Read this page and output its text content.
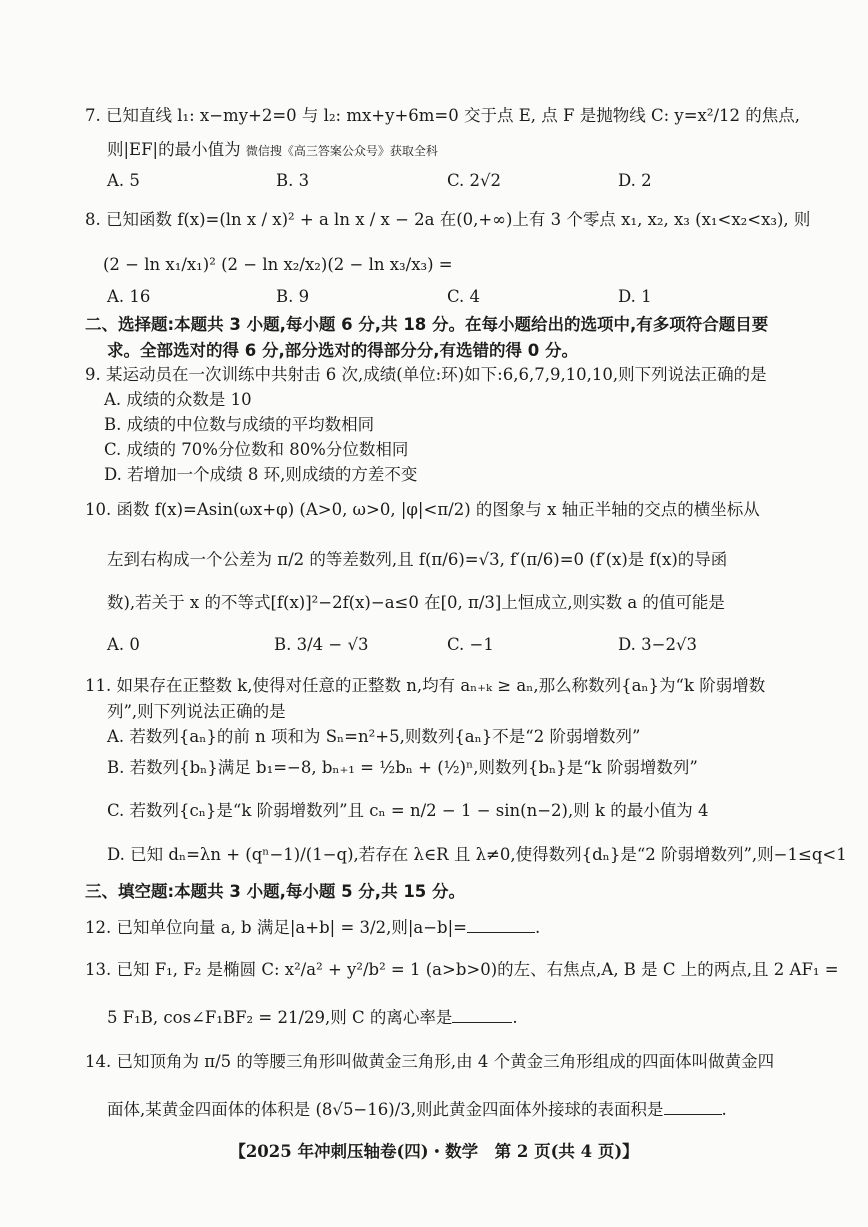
7. 已知直线 l₁: x−my+2=0 与 l₂: mx+y+6m=0 交于点 E, 点 F 是抛物线 C: y=x²/12 的焦点,
则|EF|的最小值为 微信搜《高三答案公众号》获取全科
A. 5	B. 3	C. 2√2	D. 2
8. 已知函数 f(x)=(ln x / x)² + a ln x / x − 2a 在(0,+∞)上有 3 个零点 x₁, x₂, x₃ (x₁<x₂<x₃), 则
(2 − ln x₁/x₁)² (2 − ln x₂/x₂)(2 − ln x₃/x₃) =
A. 16	B. 9	C. 4	D. 1
二、选择题:本题共 3 小题,每小题 6 分,共 18 分。在每小题给出的选项中,有多项符合题目要
求。全部选对的得 6 分,部分选对的得部分分,有选错的得 0 分。
9. 某运动员在一次训练中共射击 6 次,成绩(单位:环)如下:6,6,7,9,10,10,则下列说法正确的是
A. 成绩的众数是 10
B. 成绩的中位数与成绩的平均数相同
C. 成绩的 70%分位数和 80%分位数相同
D. 若增加一个成绩 8 环,则成绩的方差不变
10. 函数 f(x)=Asin(ωx+φ) (A>0, ω>0, |φ|<π/2) 的图象与 x 轴正半轴的交点的横坐标从
左到右构成一个公差为 π/2 的等差数列,且 f(π/6)=√3, f′(π/6)=0 (f′(x)是 f(x)的导函
数),若关于 x 的不等式[f(x)]²−2f(x)−a≤0 在[0, π/3]上恒成立,则实数 a 的值可能是
A. 0	B. 3/4 − √3	C. −1	D. 3−2√3
11. 如果存在正整数 k,使得对任意的正整数 n,均有 aₙ₊ₖ ≥ aₙ,那么称数列{aₙ}为“k 阶弱增数
列”,则下列说法正确的是
A. 若数列{aₙ}的前 n 项和为 Sₙ=n²+5,则数列{aₙ}不是“2 阶弱增数列”
B. 若数列{bₙ}满足 b₁=−8, bₙ₊₁ = ½bₙ + (½)ⁿ,则数列{bₙ}是“k 阶弱增数列”
C. 若数列{cₙ}是“k 阶弱增数列”且 cₙ = n/2 − 1 − sin(n−2),则 k 的最小值为 4
D. 已知 dₙ=λn + (qⁿ−1)/(1−q),若存在 λ∈R 且 λ≠0,使得数列{dₙ}是“2 阶弱增数列”,则−1≤q<1
三、填空题:本题共 3 小题,每小题 5 分,共 15 分。
12. 已知单位向量 a, b 满足|a+b| = 3/2,则|a−b|=	.
13. 已知 F₁, F₂ 是椭圆 C: x²/a² + y²/b² = 1 (a>b>0)的左、右焦点,A, B 是 C 上的两点,且 2 AF₁ =
5 F₁B, cos∠F₁BF₂ = 21/29,则 C 的离心率是	.
14. 已知顶角为 π/5 的等腰三角形叫做黄金三角形,由 4 个黄金三角形组成的四面体叫做黄金四
面体,某黄金四面体的体积是 (8√5−16)/3,则此黄金四面体外接球的表面积是	.
【2025 年冲刺压轴卷(四)・数学　第 2 页(共 4 页)】
